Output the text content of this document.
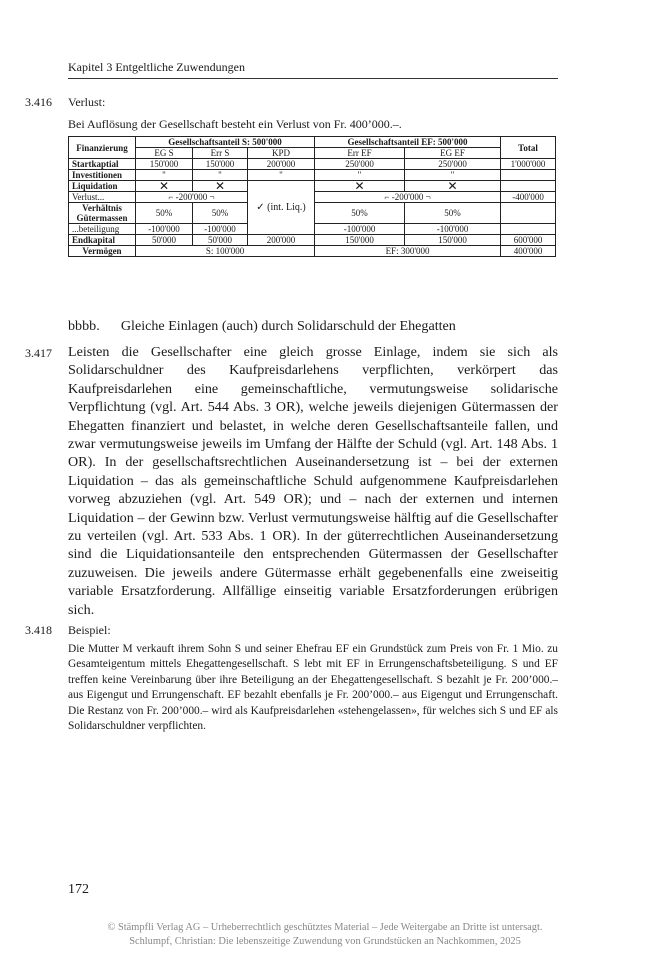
Kapitel 3 Entgeltliche Zuwendungen
3.416 Verlust:
Bei Auflösung der Gesellschaft besteht ein Verlust von Fr. 400’000.–.
Finanzierung	Gesellschaftsanteil S: 500'000			Gesellschaftsanteil EF: 500'000		Total
	EG S	Err S	KPD	Err EF	EG EF	
Startkaptial	150'000	150'000	200'000	250'000	250'000	1'000'000
Investitionen	"	"	"	"	"	
Liquidation	✕	✕	✓ (int. Liq.)	✕	✕	
Verlust...	⌐ -200'000 ¬			⌐ -200'000 ¬		-400'000
Verhältnis Gütermassen	50%	50%		50%	50%	
...beteiligung	-100'000	-100'000		-100'000	-100'000	
Endkapital	50'000	50'000	200'000	150'000	150'000	600'000
Vermögen	S: 100'000			EF: 300'000		400'000
bbbb.      Gleiche Einlagen (auch) durch Solidarschuld der Ehegatten
3.417 Leisten die Gesellschafter eine gleich grosse Einlage, indem sie sich als Solidarschuldner des Kaufpreisdarlehens verpflichten, verkörpert das Kaufpreisdarlehen eine gemeinschaftliche, vermutungsweise solidarische Verpflichtung (vgl. Art. 544 Abs. 3 OR), welche jeweils diejenigen Gütermassen der Ehegatten finanziert und belastet, in welche deren Gesellschaftsanteile fallen, und zwar vermutungsweise jeweils im Umfang der Hälfte der Schuld (vgl. Art. 148 Abs. 1 OR). In der gesellschaftsrechtlichen Auseinandersetzung ist – bei der externen Liquidation – das als gemeinschaftliche Schuld aufgenommene Kaufpreisdarlehen vorweg abzuziehen (vgl. Art. 549 OR); und – nach der externen und internen Liquidation – der Gewinn bzw. Verlust vermutungsweise hälftig auf die Gesellschafter zu verteilen (vgl. Art. 533 Abs. 1 OR). In der güterrechtlichen Auseinandersetzung sind die Liquidationsanteile den entsprechenden Gütermassen der Gesellschafter zuzuweisen. Die jeweils andere Gütermasse erhält gegebenenfalls eine zweiseitig variable Ersatzforderung. Allfällige einseitig variable Ersatzforderungen erübrigen sich.
3.418 Beispiel:
Die Mutter M verkauft ihrem Sohn S und seiner Ehefrau EF ein Grundstück zum Preis von Fr. 1 Mio. zu Gesamteigentum mittels Ehegattengesellschaft. S lebt mit EF in Errungenschaftsbeteiligung. S und EF treffen keine Vereinbarung über ihre Beteiligung an der Ehegattengesellschaft. S bezahlt je Fr. 200’000.– aus Eigengut und Errungenschaft. EF bezahlt ebenfalls je Fr. 200’000.– aus Eigengut und Errungenschaft. Die Restanz von Fr. 200’000.– wird als Kaufpreisdarlehen «stehengelassen», für welches sich S und EF als Solidarschuldner verpflichten.
172
© Stämpfli Verlag AG – Urheberrechtlich geschütztes Material – Jede Weitergabe an Dritte ist untersagt.
Schlumpf, Christian: Die lebenszeitige Zuwendung von Grundstücken an Nachkommen, 2025
